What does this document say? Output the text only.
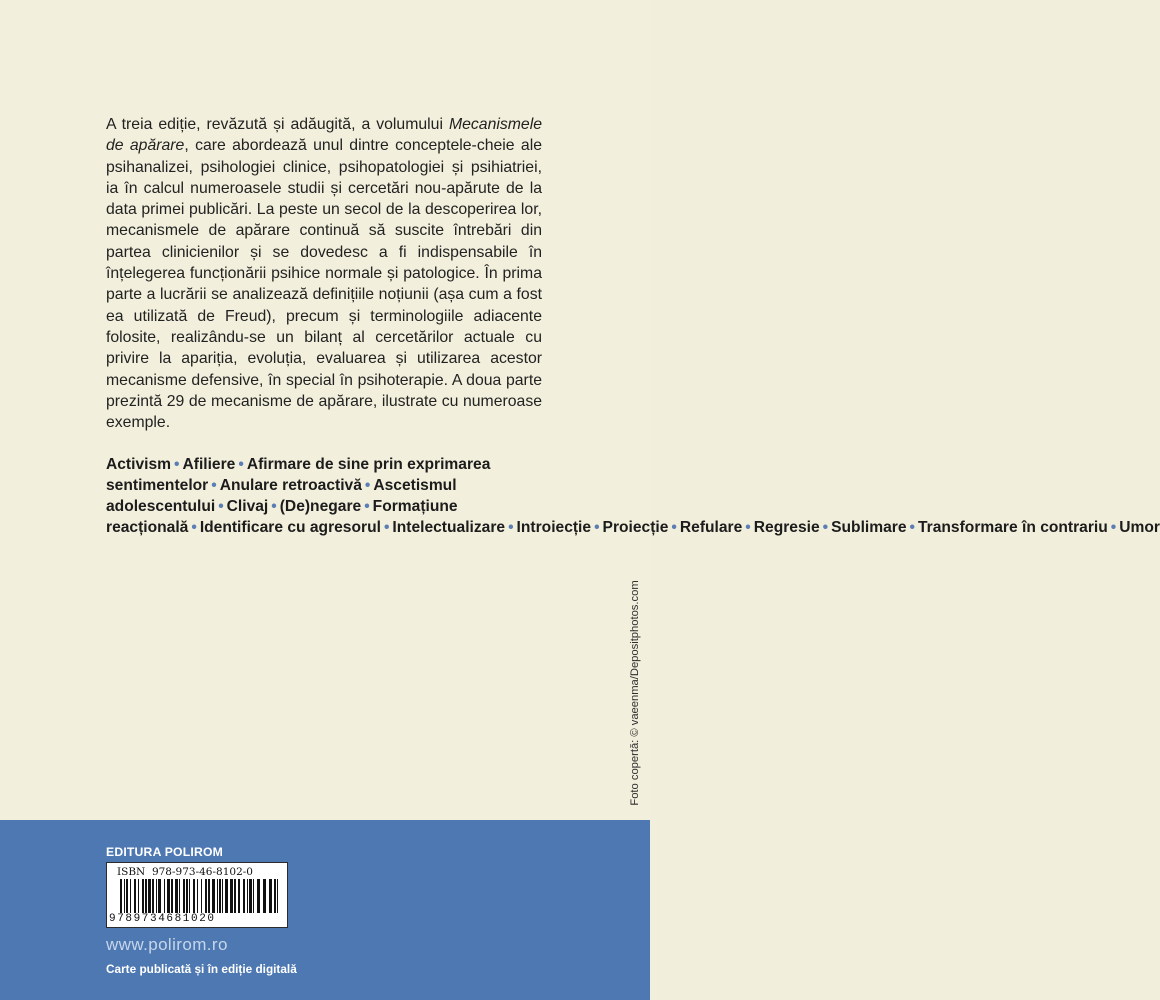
A treia ediție, revăzută și adăugită, a volumului Mecanismele de apărare, care abordează unul dintre conceptele-cheie ale psihanalizei, psihologiei clinice, psihopatologiei și psihiatriei, ia în calcul numeroasele studii și cercetări nou-apărute de la data primei publicări. La peste un secol de la descoperirea lor, mecanismele de apărare continuă să suscite întrebări din partea clinicienilor și se dovedesc a fi indispensabile în înțelegerea funcționării psihice normale și patologice. În prima parte a lucrării se analizează definițiile noțiunii (așa cum a fost ea utilizată de Freud), precum și terminologiile adiacente folosite, realizându-se un bilanț al cercetărilor actuale cu privire la apariția, evoluția, evaluarea și utilizarea acestor mecanisme defensive, în special în psihoterapie. A doua parte prezintă 29 de mecanisme de apărare, ilustrate cu numeroase exemple.

Activism • Afiliere • Afirmare de sine prin exprimarea sentimentelor • Anulare retroactivă • Ascetismul adolescentului • Clivaj • (De)negare • Formațiune reacțională • Identificare cu agresorul • Intelectualizare • Introiecție • Proiecție • Refulare • Regresie • Sublimare • Transformare în contrariu • Umor

Foto copertă: © vaeenma/Depositphotos.com
EDITURA POLIROM
ISBN 978-973-46-8102-0
9789734681020
www.polirom.ro
Carte publicată și în ediție digitală
